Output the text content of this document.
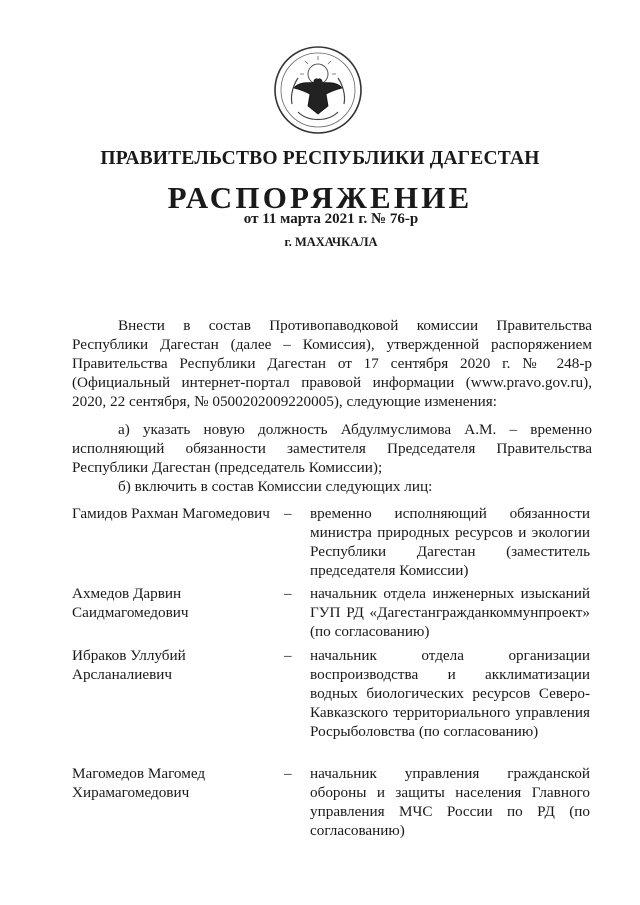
ПРАВИТЕЛЬСТВО РЕСПУБЛИКИ ДАГЕСТАН
РАСПОРЯЖЕНИЕ
от 11 марта 2021 г. № 76-р
г. МАХАЧКАЛА
Внести в состав Противопаводковой комиссии Правительства Республики Дагестан (далее – Комиссия), утвержденной распоряжением Правительства Республики Дагестан от 17 сентября 2020 г. № 248-р (Официальный интернет-портал правовой информации (www.pravo.gov.ru), 2020, 22 сентября, № 0500202009220005), следующие изменения:
а) указать новую должность Абдулмуслимова А.М. – временно исполняющий обязанности заместителя Председателя Правительства Республики Дагестан (председатель Комиссии);
б) включить в состав Комиссии следующих лиц:
Гамидов Рахман Магомедович – временно исполняющий обязанности министра природных ресурсов и экологии Республики Дагестан (заместитель председателя Комиссии)
Ахмедов Дарвин Саидмагомедович
– начальник отдела инженерных изысканий ГУП РД «Дагестангражданкоммунпроект» (по согласованию)
Ибраков Уллубий Арсланалиевич
– начальник отдела организации воспроизводства и акклиматизации водных биологических ресурсов Северо-Кавказского территориального управления Росрыболовства (по согласованию)
Магомедов Магомед Хирамагомедович
– начальник управления гражданской обороны и защиты населения Главного управления МЧС России по РД (по согласованию)
